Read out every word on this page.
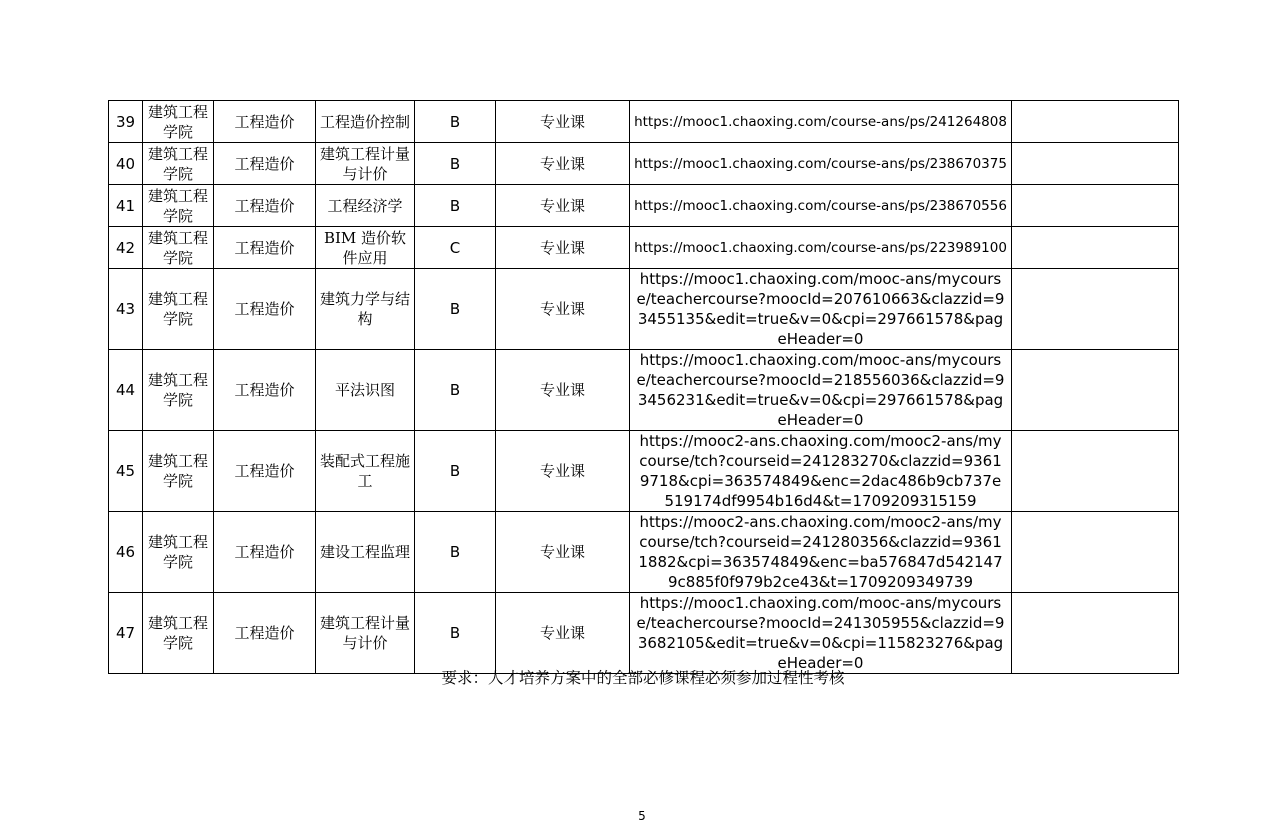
39	建筑工程学院	工程造价	工程造价控制	B	专业课	https://mooc1.chaoxing.com/course-ans/ps/241264808	
40	建筑工程学院	工程造价	建筑工程计量与计价	B	专业课	https://mooc1.chaoxing.com/course-ans/ps/238670375	
41	建筑工程学院	工程造价	工程经济学	B	专业课	https://mooc1.chaoxing.com/course-ans/ps/238670556	
42	建筑工程学院	工程造价	BIM 造价软件应用	C	专业课	https://mooc1.chaoxing.com/course-ans/ps/223989100	
43	建筑工程学院	工程造价	建筑力学与结构	B	专业课	https://mooc1.chaoxing.com/mooc-ans/mycourse/teachercourse?moocId=207610663&clazzid=93455135&edit=true&v=0&cpi=297661578&pageHeader=0	
44	建筑工程学院	工程造价	平法识图	B	专业课	https://mooc1.chaoxing.com/mooc-ans/mycourse/teachercourse?moocId=218556036&clazzid=93456231&edit=true&v=0&cpi=297661578&pageHeader=0	
45	建筑工程学院	工程造价	装配式工程施工	B	专业课	https://mooc2-ans.chaoxing.com/mooc2-ans/mycourse/tch?courseid=241283270&clazzid=93619718&cpi=363574849&enc=2dac486b9cb737e519174df9954b16d4&t=1709209315159	
46	建筑工程学院	工程造价	建设工程监理	B	专业课	https://mooc2-ans.chaoxing.com/mooc2-ans/mycourse/tch?courseid=241280356&clazzid=93611882&cpi=363574849&enc=ba576847d5421479c885f0f979b2ce43&t=1709209349739	
47	建筑工程学院	工程造价	建筑工程计量与计价	B	专业课	https://mooc1.chaoxing.com/mooc-ans/mycourse/teachercourse?moocId=241305955&clazzid=93682105&edit=true&v=0&cpi=115823276&pageHeader=0	
要求：人才培养方案中的全部必修课程必须参加过程性考核
5
